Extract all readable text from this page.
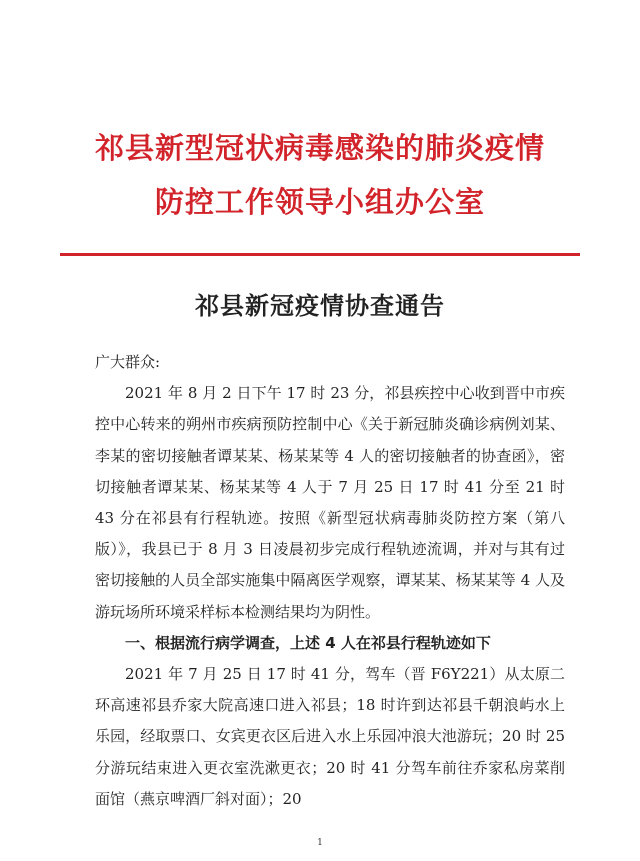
祁县新型冠状病毒感染的肺炎疫情
防控工作领导小组办公室
祁县新冠疫情协查通告

广大群众:

2021 年 8 月 2 日下午 17 时 23 分，祁县疾控中心收到晋中市疾控中心转来的朔州市疾病预防控制中心《关于新冠肺炎确诊病例刘某、李某的密切接触者谭某某、杨某某等 4 人的密切接触者的协查函》，密切接触者谭某某、杨某某等 4 人于 7 月 25 日 17 时 41 分至 21 时 43 分在祁县有行程轨迹。按照《新型冠状病毒肺炎防控方案（第八版）》，我县已于 8 月 3 日凌晨初步完成行程轨迹流调，并对与其有过密切接触的人员全部实施集中隔离医学观察，谭某某、杨某某等 4 人及游玩场所环境采样标本检测结果均为阴性。

一、根据流行病学调查，上述 4 人在祁县行程轨迹如下

2021 年 7 月 25 日 17 时 41 分，驾车（晋 F6Y221）从太原二环高速祁县乔家大院高速口进入祁县；18 时许到达祁县千朝浪屿水上乐园，经取票口、女宾更衣区后进入水上乐园冲浪大池游玩；20 时 25 分游玩结束进入更衣室洗漱更衣；20 时 41 分驾车前往乔家私房菜削面馆（燕京啤酒厂斜对面）；20

1
